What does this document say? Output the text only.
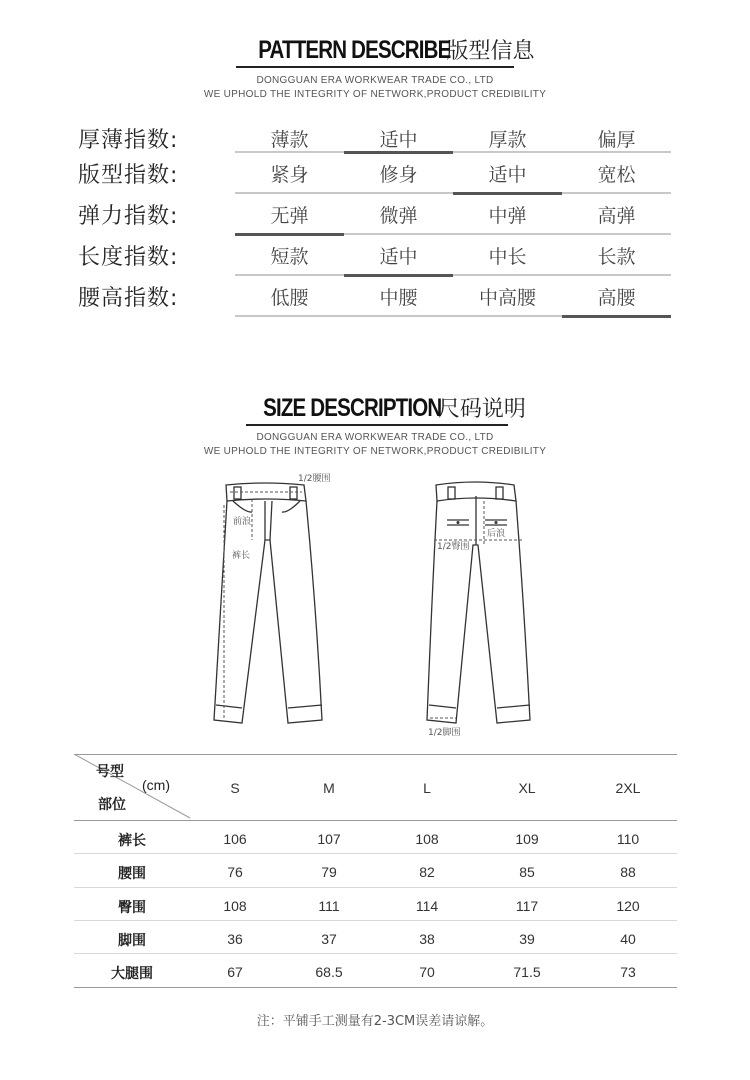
PATTERN DESCRIBE 版型信息
DONGGUAN ERA WORKWEAR TRADE CO., LTD
WE UPHOLD THE INTEGRITY OF NETWORK,PRODUCT CREDIBILITY
厚薄指数:	薄款	适中	厚款	偏厚
版型指数:	紧身	修身	适中	宽松
弹力指数:	无弹	微弹	中弹	高弹
长度指数:	短款	适中	中长	长款
腰高指数:	低腰	中腰	中高腰	高腰
SIZE DESCRIPTION 尺码说明
DONGGUAN ERA WORKWEAR TRADE CO., LTD
WE UPHOLD THE INTEGRITY OF NETWORK,PRODUCT CREDIBILITY
1/2腰围
前浪
裤长
后浪
1/2臀围
1/2脚围
号型
(cm)
部位
S	M	L	XL	2XL
裤长	106	107	108	109	110
腰围	76	79	82	85	88
臀围	108	111	114	117	120
脚围	36	37	38	39	40
大腿围	67	68.5	70	71.5	73
注：平铺手工测量有2-3CM误差请谅解。
